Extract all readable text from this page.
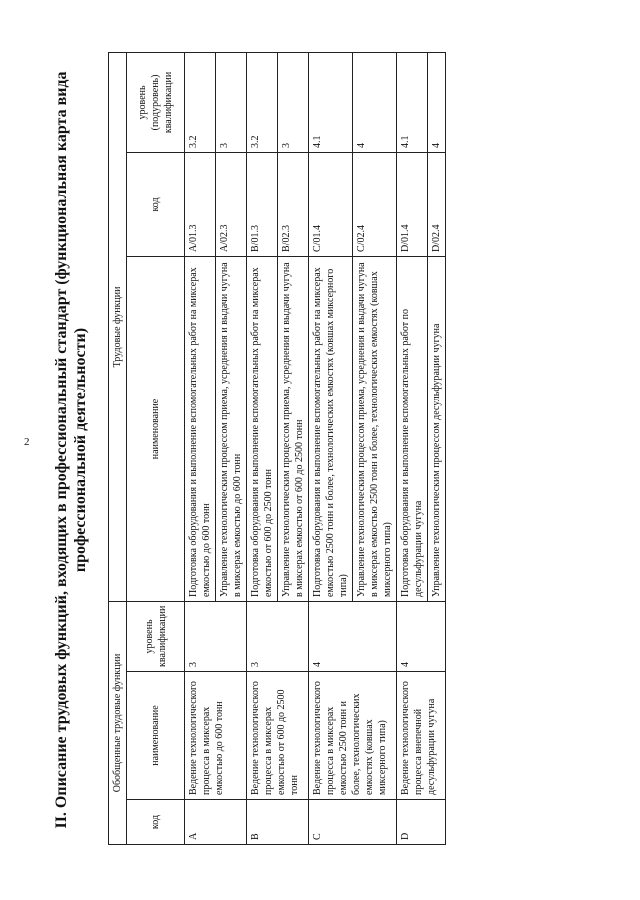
2 II. Описание трудовых функций, входящих в профессиональный стандарт (функциональная карта вида профессиональной деятельности)
Обобщенные трудовые функции			Трудовые функции		
код	наименование	уровень квалификации	наименование	код	уровень (подуровень) квалификации
A	Ведение технологического процесса в миксерах емкостью до 600 тонн	3	Подготовка оборудования и выполнение вспомогательных работ на миксерах емкостью до 600 тонн	A/01.3	3.2
			Управление технологическим процессом приема, усреднения и выдачи чугуна в миксерах емкостью до 600 тонн	A/02.3	3
B	Ведение технологического процесса в миксерах емкостью от 600 до 2500 тонн	3	Подготовка оборудования и выполнение вспомогательных работ на миксерах емкостью от 600 до 2500 тонн	B/01.3	3.2
			Управление технологическим процессом приема, усреднения и выдачи чугуна в миксерах емкостью от 600 до 2500 тонн	B/02.3	3
C	Ведение технологического процесса в миксерах емкостью 2500 тонн и более, технологических емкостях (ковшах миксерного типа)	4	Подготовка оборудования и выполнение вспомогательных работ на миксерах емкостью 2500 тонн и более, технологических емкостях (ковшах миксерного типа)	C/01.4	4.1
			Управление технологическим процессом приема, усреднения и выдачи чугуна в миксерах емкостью 2500 тонн и более, технологических емкостях (ковшах миксерного типа)	C/02.4	4
D	Ведение технологического процесса внепечной десульфурации чугуна	4	Подготовка оборудования и выполнение вспомогательных работ по десульфурации чугуна	D/01.4	4.1
			Управление технологическим процессом десульфурации чугуна	D/02.4	4
